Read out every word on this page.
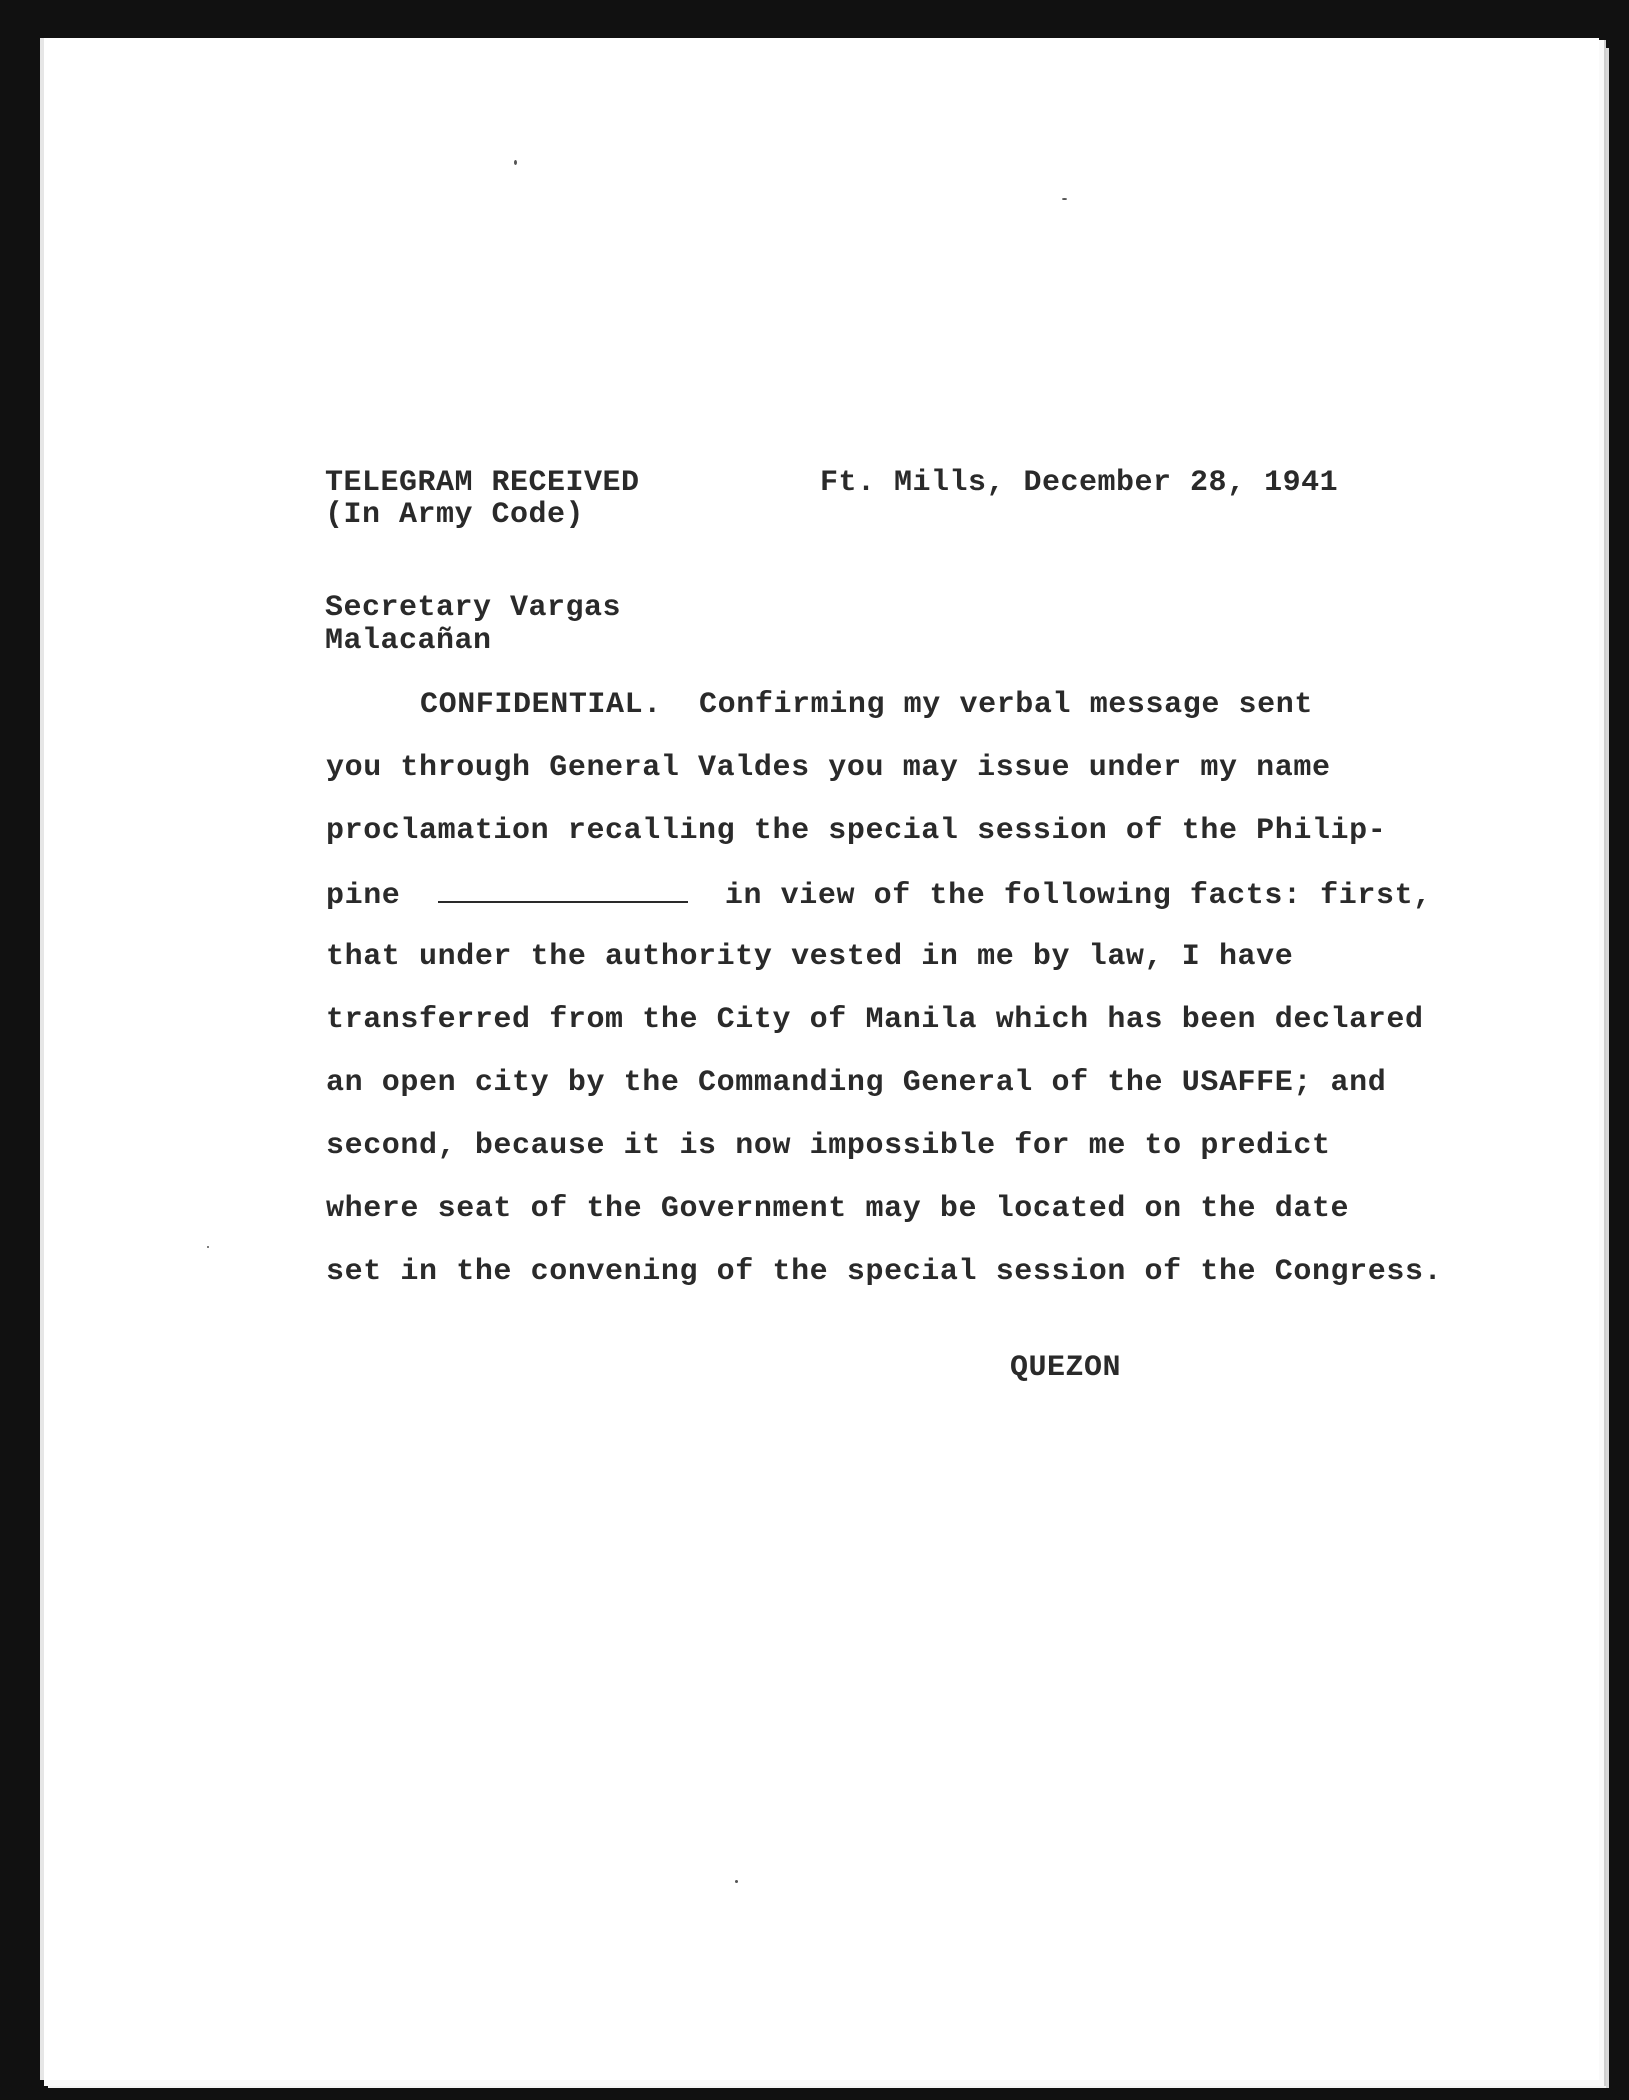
TELEGRAM RECEIVED
(In Army Code)
Ft. Mills, December 28, 1941
Secretary Vargas
Malacañan
CONFIDENTIAL.  Confirming my verbal message sent
you through General Valdes you may issue under my name
proclamation recalling the special session of the Philip-
pine	in view of the following facts: first,
that under the authority vested in me by law, I have
transferred from the City of Manila which has been declared
an open city by the Commanding General of the USAFFE; and
second, because it is now impossible for me to predict
where seat of the Government may be located on the date
set in the convening of the special session of the Congress.
QUEZON
